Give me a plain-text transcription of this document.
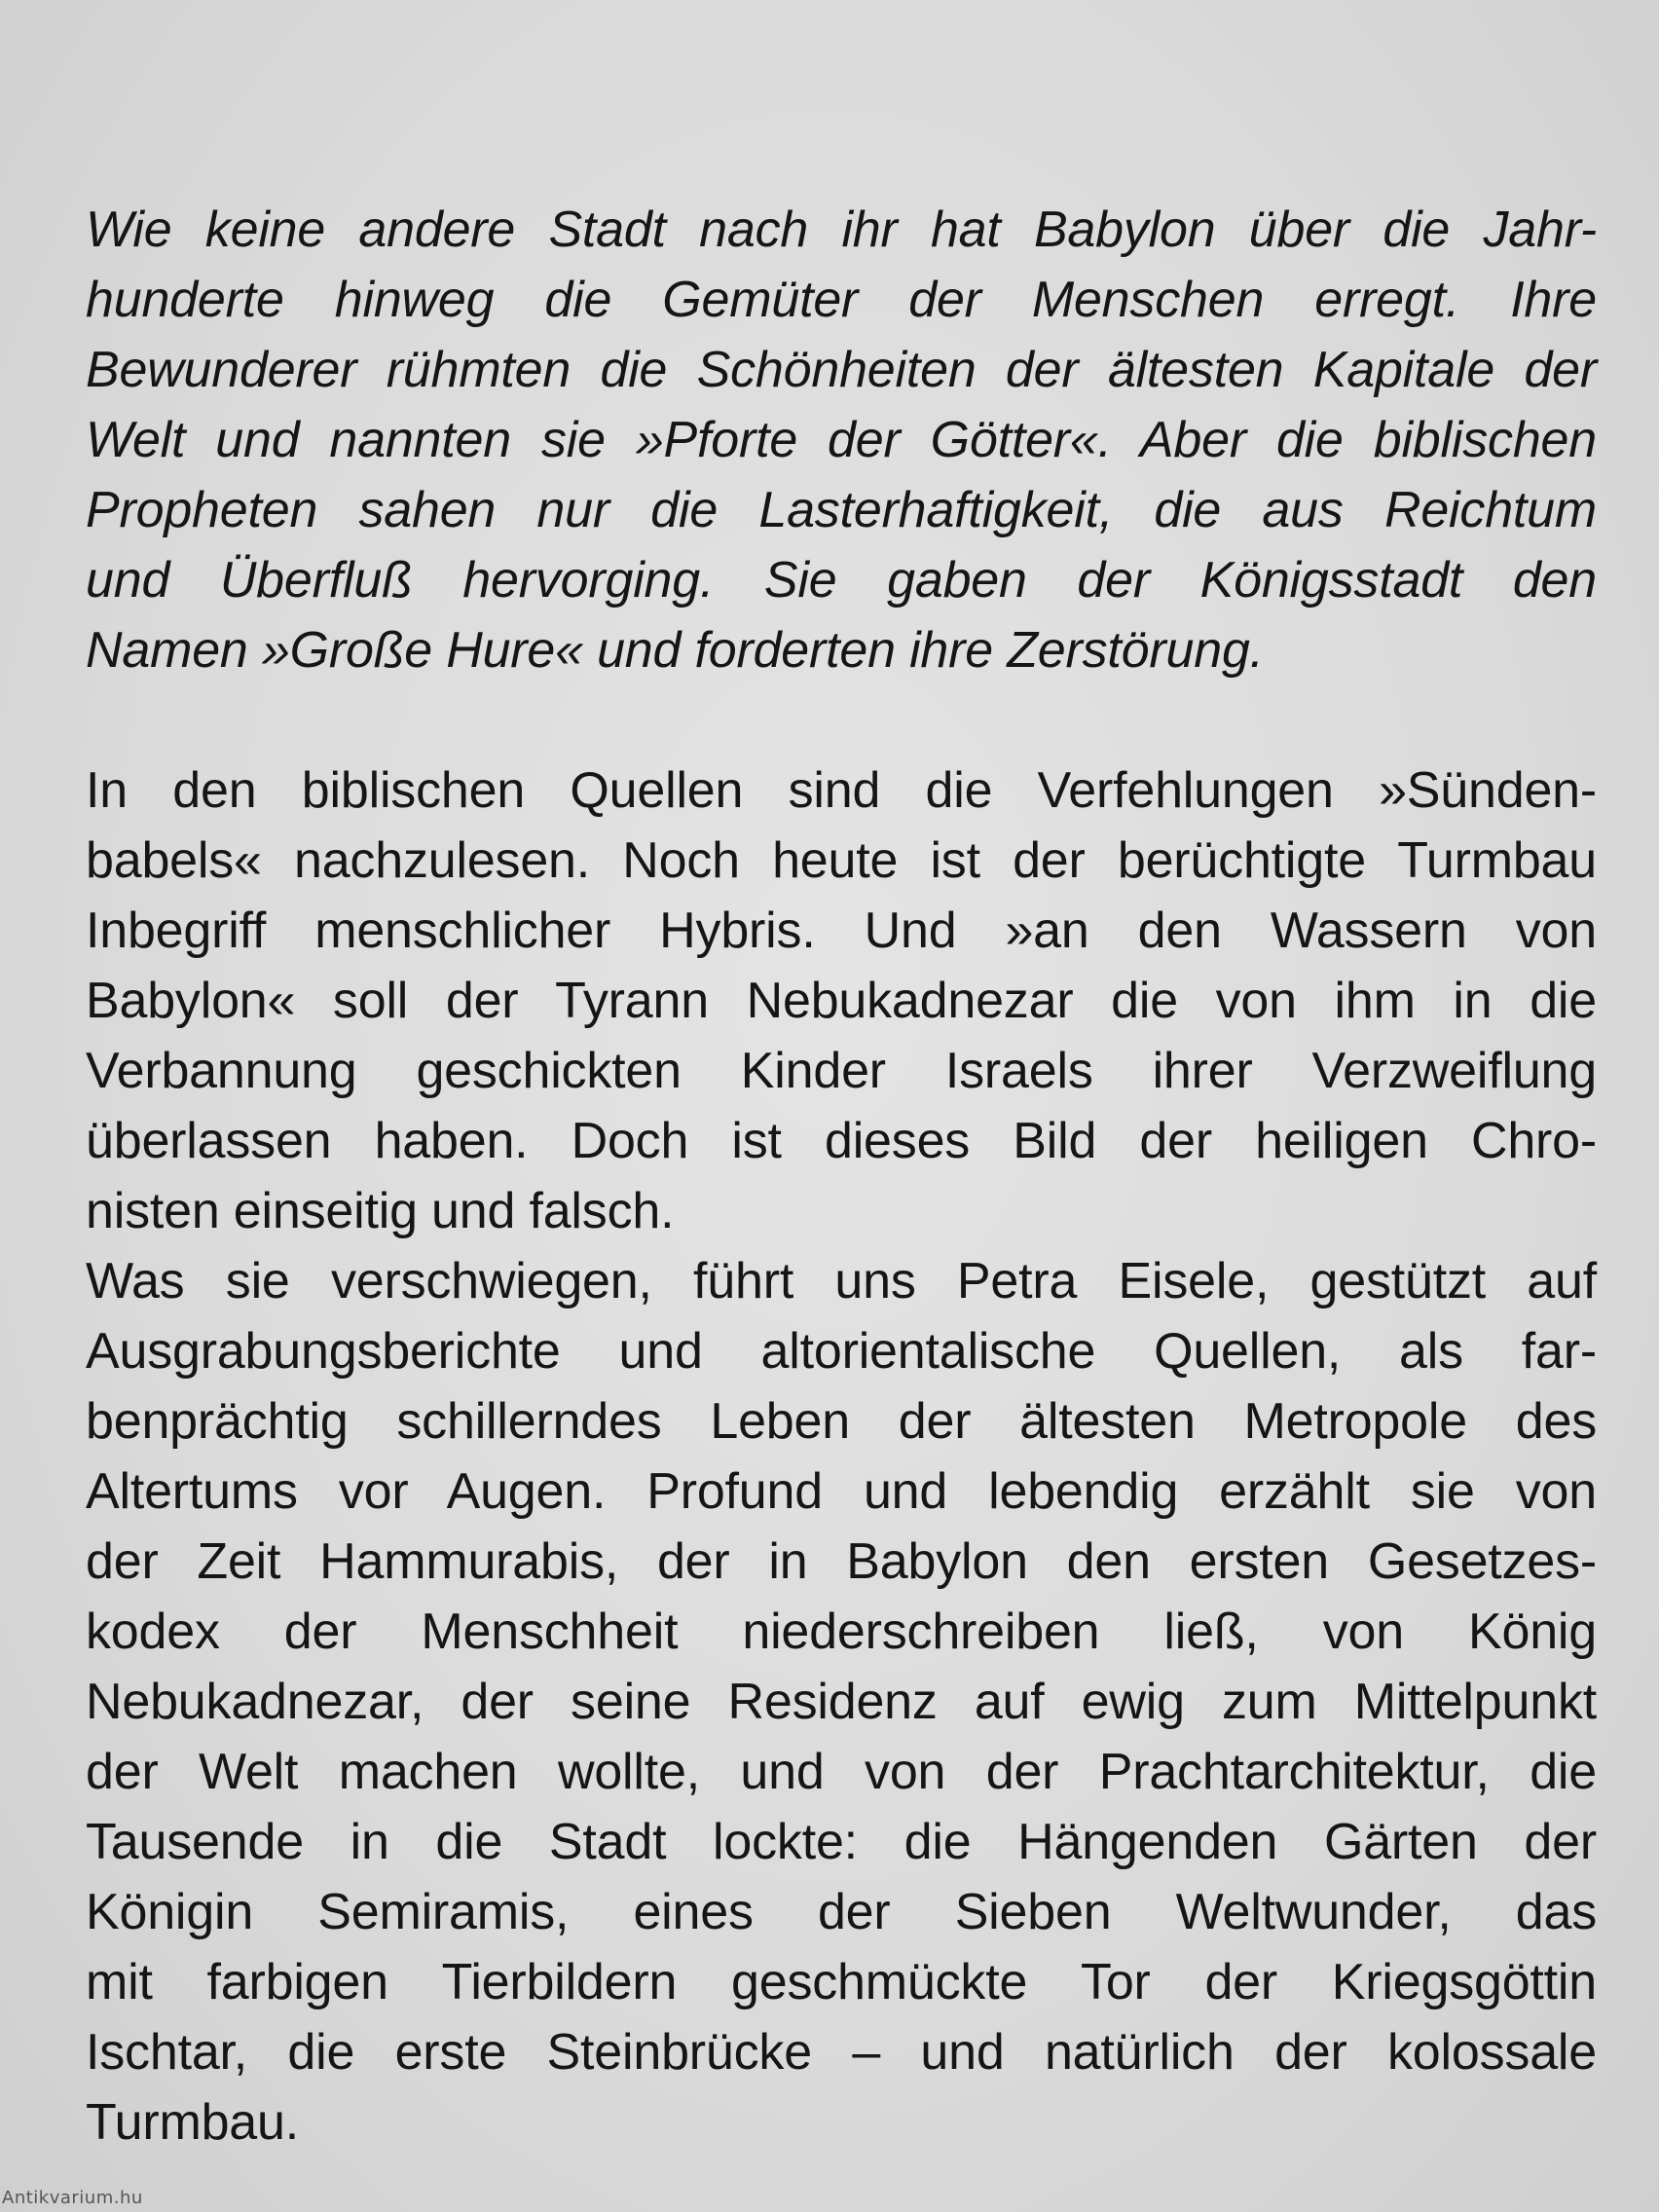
Wie keine andere Stadt nach ihr hat Babylon über die Jahr-
hunderte hinweg die Gemüter der Menschen erregt. Ihre
Bewunderer rühmten die Schönheiten der ältesten Kapitale der
Welt und nannten sie »Pforte der Götter«. Aber die biblischen
Propheten sahen nur die Lasterhaftigkeit, die aus Reichtum
und Überfluß hervorging. Sie gaben der Königsstadt den
Namen »Große Hure« und forderten ihre Zerstörung.

In den biblischen Quellen sind die Verfehlungen »Sünden-
babels« nachzulesen. Noch heute ist der berüchtigte Turmbau
Inbegriff menschlicher Hybris. Und »an den Wassern von
Babylon« soll der Tyrann Nebukadnezar die von ihm in die
Verbannung geschickten Kinder Israels ihrer Verzweiflung
überlassen haben. Doch ist dieses Bild der heiligen Chro-
nisten einseitig und falsch.

Was sie verschwiegen, führt uns Petra Eisele, gestützt auf
Ausgrabungsberichte und altorientalische Quellen, als far-
benprächtig schillerndes Leben der ältesten Metropole des
Altertums vor Augen. Profund und lebendig erzählt sie von
der Zeit Hammurabis, der in Babylon den ersten Gesetzes-
kodex der Menschheit niederschreiben ließ, von König
Nebukadnezar, der seine Residenz auf ewig zum Mittelpunkt
der Welt machen wollte, und von der Prachtarchitektur, die
Tausende in die Stadt lockte: die Hängenden Gärten der
Königin Semiramis, eines der Sieben Weltwunder, das
mit farbigen Tierbildern geschmückte Tor der Kriegsgöttin
Ischtar, die erste Steinbrücke – und natürlich der kolossale
Turmbau.

Antikvarium.hu
